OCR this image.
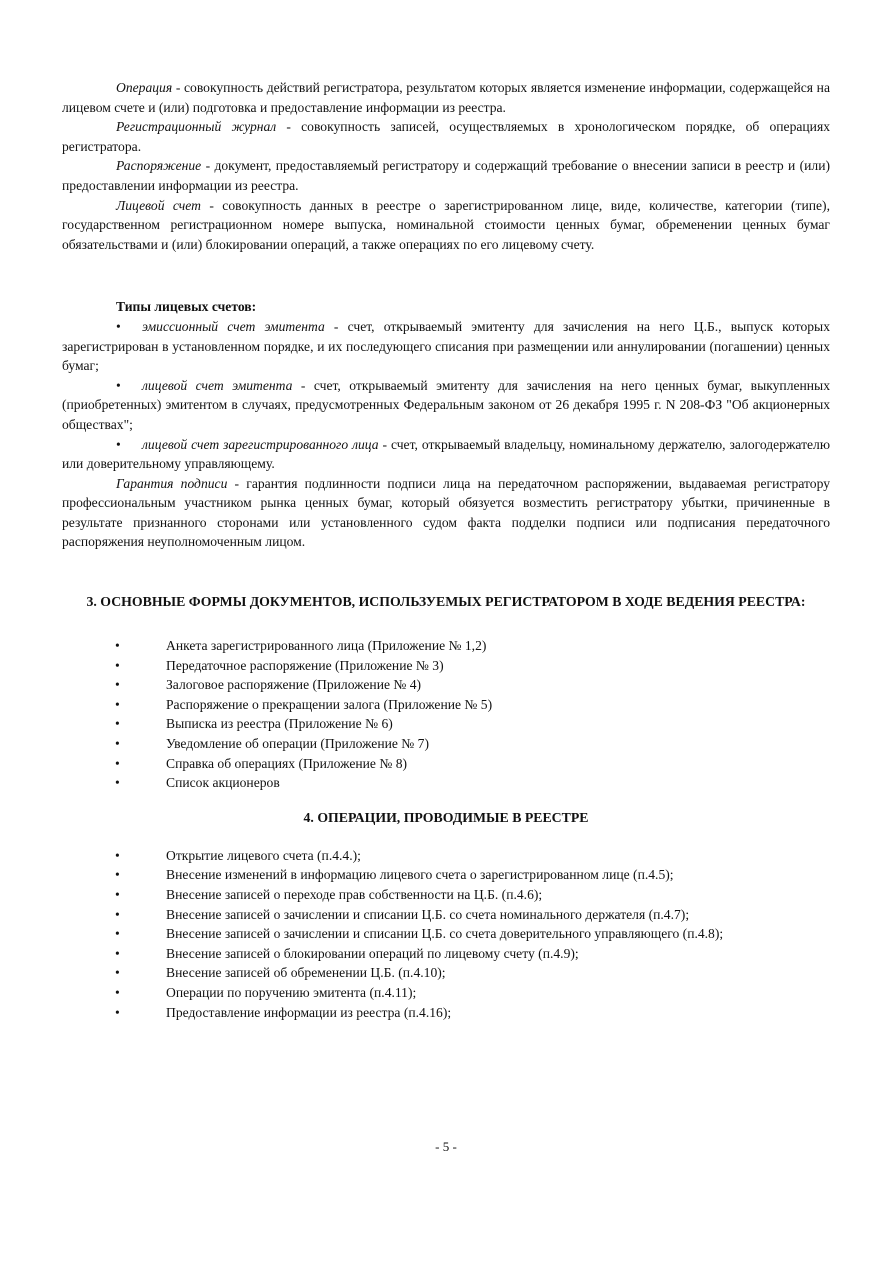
Операция - совокупность действий регистратора, результатом которых является изменение информации, содержащейся на лицевом счете и (или) подготовка и предоставление информации из реестра.

Регистрационный журнал - совокупность записей, осуществляемых в хронологическом порядке, об операциях регистратора.

Распоряжение - документ, предоставляемый регистратору и содержащий требование о внесении записи в реестр и (или) предоставлении информации из реестра.

Лицевой счет - совокупность данных в реестре о зарегистрированном лице, виде, количестве, категории (типе), государственном регистрационном номере выпуска, номинальной стоимости ценных бумаг, обременении ценных бумаг обязательствами и (или) блокировании операций, а также операциях по его лицевому счету.

Типы лицевых счетов:

• эмиссионный счет эмитента - счет, открываемый эмитенту для зачисления на него Ц.Б., выпуск которых зарегистрирован в установленном порядке, и их последующего списания при размещении или аннулировании (погашении) ценных бумаг;

• лицевой счет эмитента - счет, открываемый эмитенту для зачисления на него ценных бумаг, выкупленных (приобретенных) эмитентом в случаях, предусмотренных Федеральным законом от 26 декабря 1995 г. N 208-ФЗ "Об акционерных обществах";

• лицевой счет зарегистрированного лица - счет, открываемый владельцу, номинальному держателю, залогодержателю или доверительному управляющему.

Гарантия подписи - гарантия подлинности подписи лица на передаточном распоряжении, выдаваемая регистратору профессиональным участником рынка ценных бумаг, который обязуется возместить регистратору убытки, причиненные в результате признанного сторонами или установленного судом факта подделки подписи или подписания передаточного распоряжения неуполномоченным лицом.

3. ОСНОВНЫЕ ФОРМЫ ДОКУМЕНТОВ, ИСПОЛЬЗУЕМЫХ РЕГИСТРАТОРОМ В ХОДЕ ВЕДЕНИЯ РЕЕСТРА:
•	Анкета зарегистрированного лица (Приложение № 1,2)
•	Передаточное распоряжение (Приложение № 3)
•	Залоговое распоряжение (Приложение № 4)
•	Распоряжение о прекращении залога (Приложение № 5)
•	Выписка из реестра (Приложение № 6)
•	Уведомление об операции (Приложение № 7)
•	Справка об операциях (Приложение № 8)
•	Список акционеров
4. ОПЕРАЦИИ, ПРОВОДИМЫЕ В РЕЕСТРЕ
•	Открытие лицевого счета (п.4.4.);
•	Внесение изменений в информацию лицевого счета о зарегистрированном лице (п.4.5);
•	Внесение записей о переходе прав собственности на Ц.Б. (п.4.6);
•	Внесение записей о зачислении и списании Ц.Б. со счета номинального держателя (п.4.7);
•	Внесение записей о зачислении и списании Ц.Б. со счета доверительного управляющего (п.4.8);
•	Внесение записей о блокировании операций по лицевому счету (п.4.9);
•	Внесение записей об обременении Ц.Б. (п.4.10);
•	Операции по поручению эмитента (п.4.11);
•	Предоставление информации из реестра (п.4.16);
- 5 -
